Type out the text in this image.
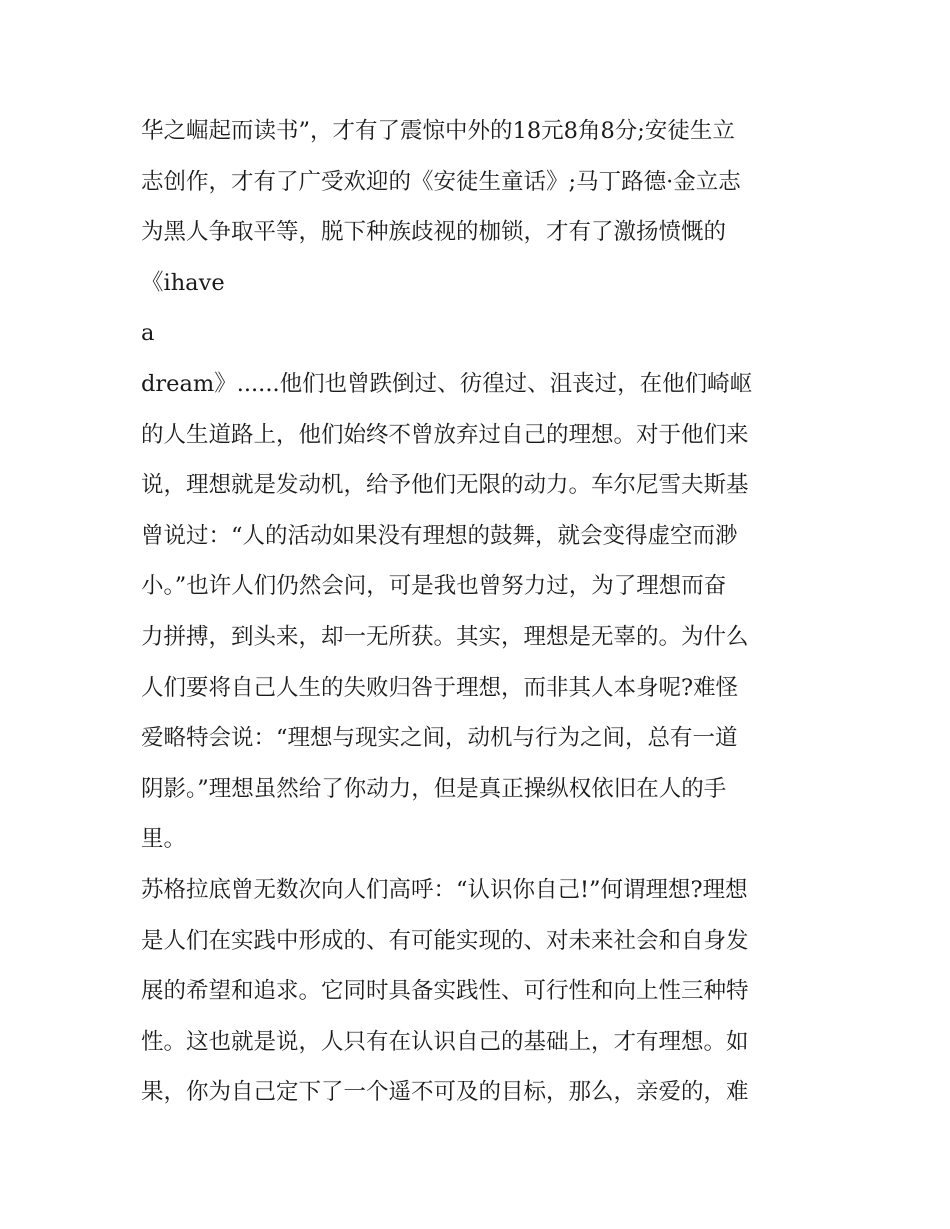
华之崛起而读书”，才有了震惊中外的18元8角8分;安徒生立
志创作，才有了广受欢迎的《安徒生童话》;马丁路德·金立志
为黑人争取平等，脱下种族歧视的枷锁，才有了激扬愤慨的
《ihave
a
dream》......他们也曾跌倒过、彷徨过、沮丧过，在他们崎岖
的人生道路上，他们始终不曾放弃过自己的理想。对于他们来
说，理想就是发动机，给予他们无限的动力。车尔尼雪夫斯基
曾说过：“人的活动如果没有理想的鼓舞，就会变得虚空而渺
小。”也许人们仍然会问，可是我也曾努力过，为了理想而奋
力拼搏，到头来，却一无所获。其实，理想是无辜的。为什么
人们要将自己人生的失败归咎于理想，而非其人本身呢?难怪
爱略特会说：“理想与现实之间，动机与行为之间，总有一道
阴影。”理想虽然给了你动力，但是真正操纵权依旧在人的手
里。
苏格拉底曾无数次向人们高呼：“认识你自己!”何谓理想?理想
是人们在实践中形成的、有可能实现的、对未来社会和自身发
展的希望和追求。它同时具备实践性、可行性和向上性三种特
性。这也就是说，人只有在认识自己的基础上，才有理想。如
果，你为自己定下了一个遥不可及的目标，那么，亲爱的，难
